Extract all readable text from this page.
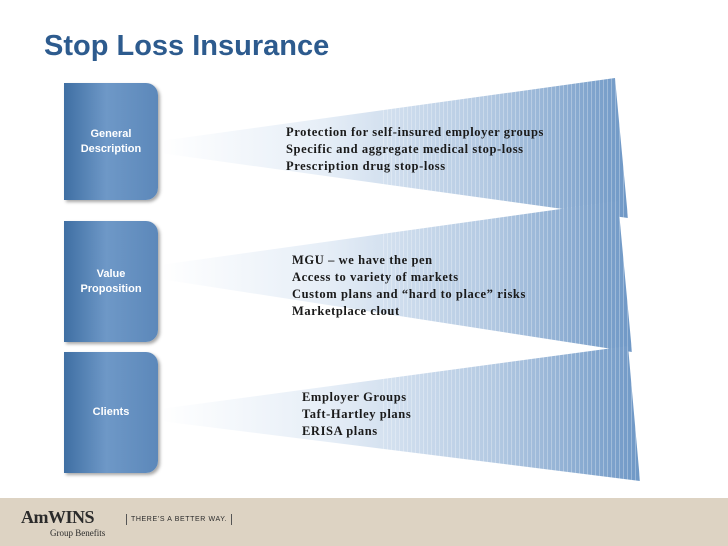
Stop Loss Insurance
General
Description
Value
Proposition
Clients
Protection for self-insured employer groups
Specific and aggregate medical stop-loss
Prescription drug stop-loss
MGU – we have the pen
Access to variety of markets
Custom plans and “hard to place” risks
Marketplace clout
Employer Groups
Taft-Hartley plans
ERISA plans
AmWINS
Group Benefits
THERE’S A BETTER WAY.
